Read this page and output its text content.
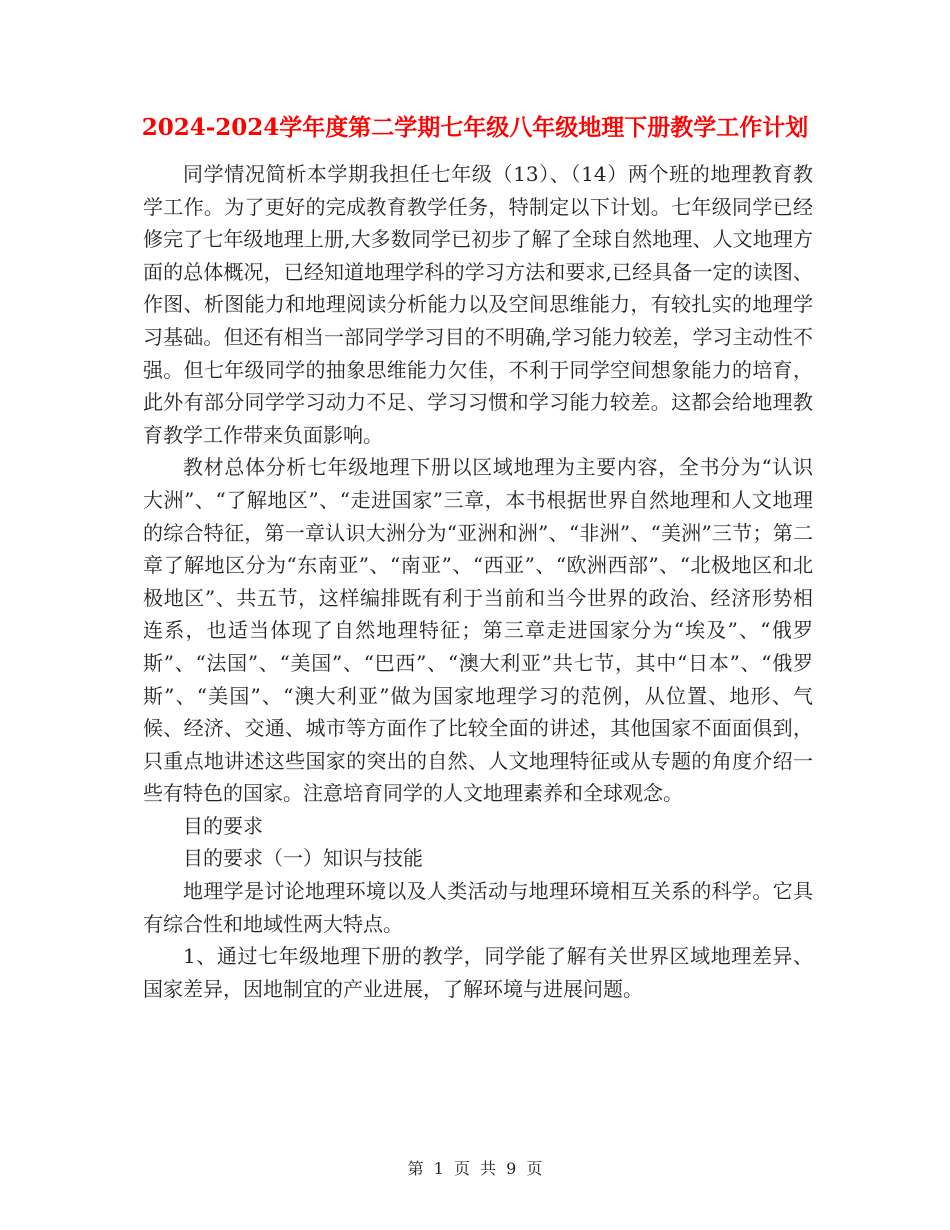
2024-2024学年度第二学期七年级八年级地理下册教学工作计划

同学情况简析本学期我担任七年级（13）、（14）两个班的地理教育教学工作。为了更好的完成教育教学任务，特制定以下计划。七年级同学已经修完了七年级地理上册,大多数同学已初步了解了全球自然地理、人文地理方面的总体概况，已经知道地理学科的学习方法和要求,已经具备一定的读图、作图、析图能力和地理阅读分析能力以及空间思维能力，有较扎实的地理学习基础。但还有相当一部同学学习目的不明确,学习能力较差，学习主动性不强。但七年级同学的抽象思维能力欠佳，不利于同学空间想象能力的培育，此外有部分同学学习动力不足、学习习惯和学习能力较差。这都会给地理教育教学工作带来负面影响。

教材总体分析七年级地理下册以区域地理为主要内容，全书分为“认识大洲”、“了解地区”、“走进国家”三章，本书根据世界自然地理和人文地理的综合特征，第一章认识大洲分为“亚洲和洲”、“非洲”、“美洲”三节；第二章了解地区分为“东南亚”、“南亚”、“西亚”、“欧洲西部”、“北极地区和北极地区”、共五节，这样编排既有利于当前和当今世界的政治、经济形势相连系，也适当体现了自然地理特征；第三章走进国家分为“埃及”、“俄罗斯”、“法国”、“美国”、“巴西”、“澳大利亚”共七节，其中“日本”、“俄罗斯”、“美国”、“澳大利亚”做为国家地理学习的范例，从位置、地形、气候、经济、交通、城市等方面作了比较全面的讲述，其他国家不面面俱到，只重点地讲述这些国家的突出的自然、人文地理特征或从专题的角度介绍一些有特色的国家。注意培育同学的人文地理素养和全球观念。

目的要求

目的要求（一）知识与技能

地理学是讨论地理环境以及人类活动与地理环境相互关系的科学。它具有综合性和地域性两大特点。

1、通过七年级地理下册的教学，同学能了解有关世界区域地理差异、国家差异，因地制宜的产业进展，了解环境与进展问题。

第 1 页 共 9 页
